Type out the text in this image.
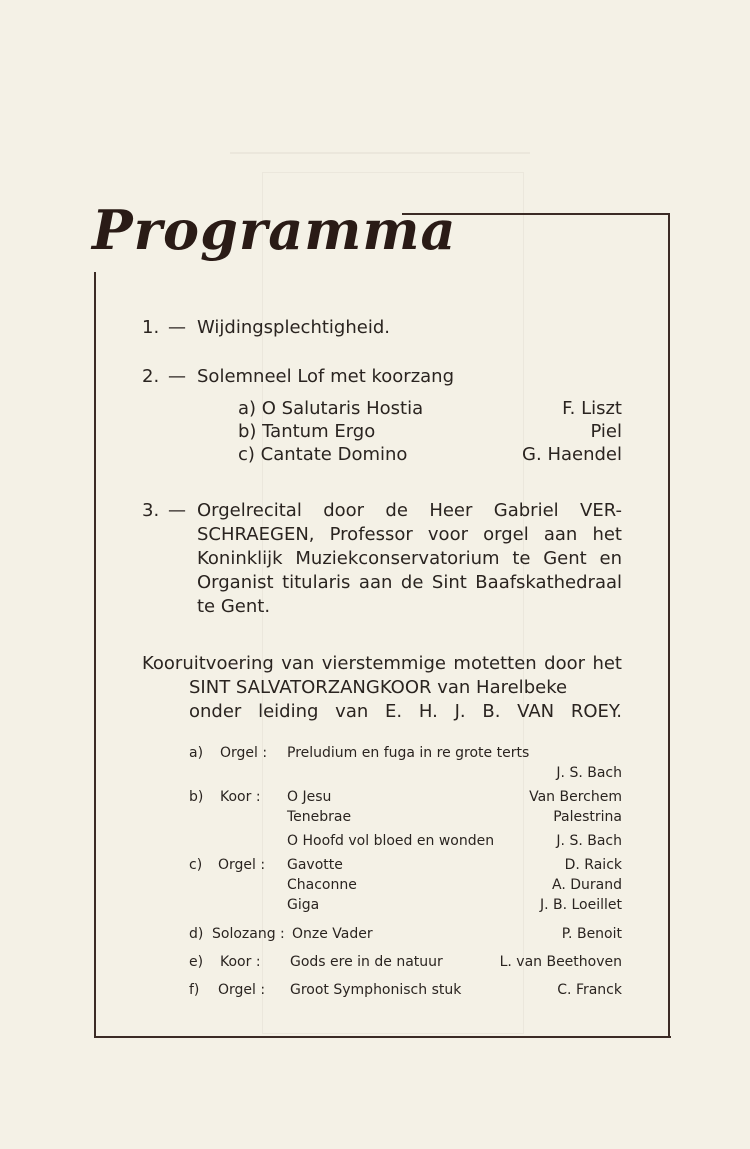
Programma
1. — Wijdingsplechtigheid.
2. — Solemneel Lof met koorzang
a) O Salutaris Hostia	F. Liszt
b) Tantum Ergo	Piel
c) Cantate Domino	G. Haendel
3. — Orgelrecital door de Heer Gabriel VER-
SCHRAEGEN, Professor voor orgel aan het
Koninklijk Muziekconservatorium te Gent en
Organist titularis aan de Sint Baafskathedraal
te Gent.
Kooruitvoering van vierstemmige motetten door het
SINT SALVATORZANGKOOR van Harelbeke
onder leiding van E. H. J. B. VAN ROEY.
a) Orgel : Preludium en fuga in re grote terts
J. S. Bach
b) Koor : O Jesu	Van Berchem
Tenebrae	Palestrina
O Hoofd vol bloed en wonden	J. S. Bach
c) Orgel : Gavotte	D. Raick
Chaconne	A. Durand
Giga	J. B. Loeillet
d) Solozang : Onze Vader	P. Benoit
e) Koor : Gods ere in de natuur	L. van Beethoven
f) Orgel : Groot Symphonisch stuk	C. Franck
